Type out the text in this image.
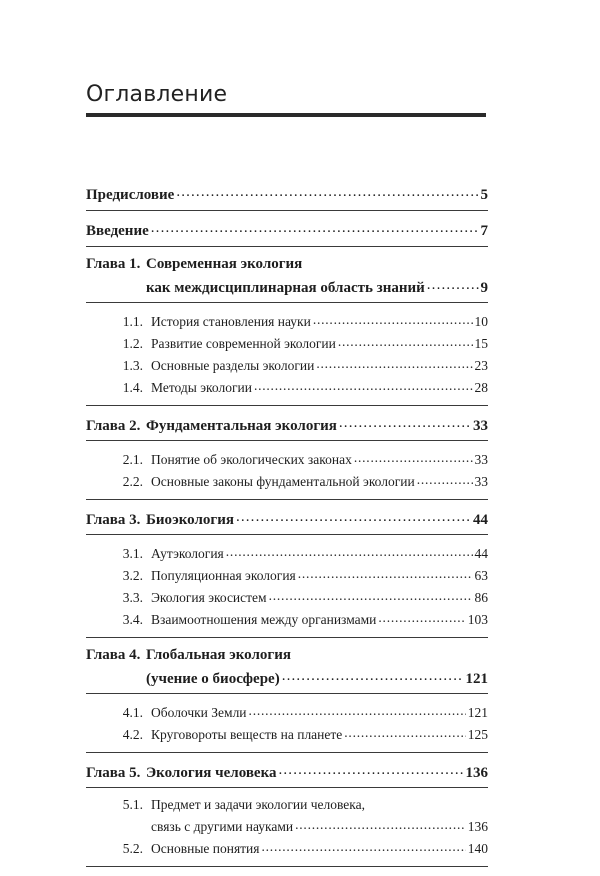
Оглавление
Предисловие . . .	5
Введение . . .	7
Глава 1. Современная экология
как междисциплинарная область знаний . . .	9
1.1. История становления науки . . .	10
1.2. Развитие современной экологии . . .	15
1.3. Основные разделы экологии . . .	23
1.4. Методы экологии . . .	28
Глава 2. Фундаментальная экология . . .	33
2.1. Понятие об экологических законах . . .	33
2.2. Основные законы фундаментальной экологии . . .	33
Глава 3. Биоэкология . . .	44
3.1. Аутэкология . . .	44
3.2. Популяционная экология . . .	63
3.3. Экология экосистем . . .	86
3.4. Взаимоотношения между организмами . . .	103
Глава 4. Глобальная экология
(учение о биосфере) . . .	121
4.1. Оболочки Земли . . .	121
4.2. Круговороты веществ на планете . . .	125
Глава 5. Экология человека . . .	136
5.1. Предмет и задачи экологии человека,
связь с другими науками . . .	136
5.2. Основные понятия . . .	140
